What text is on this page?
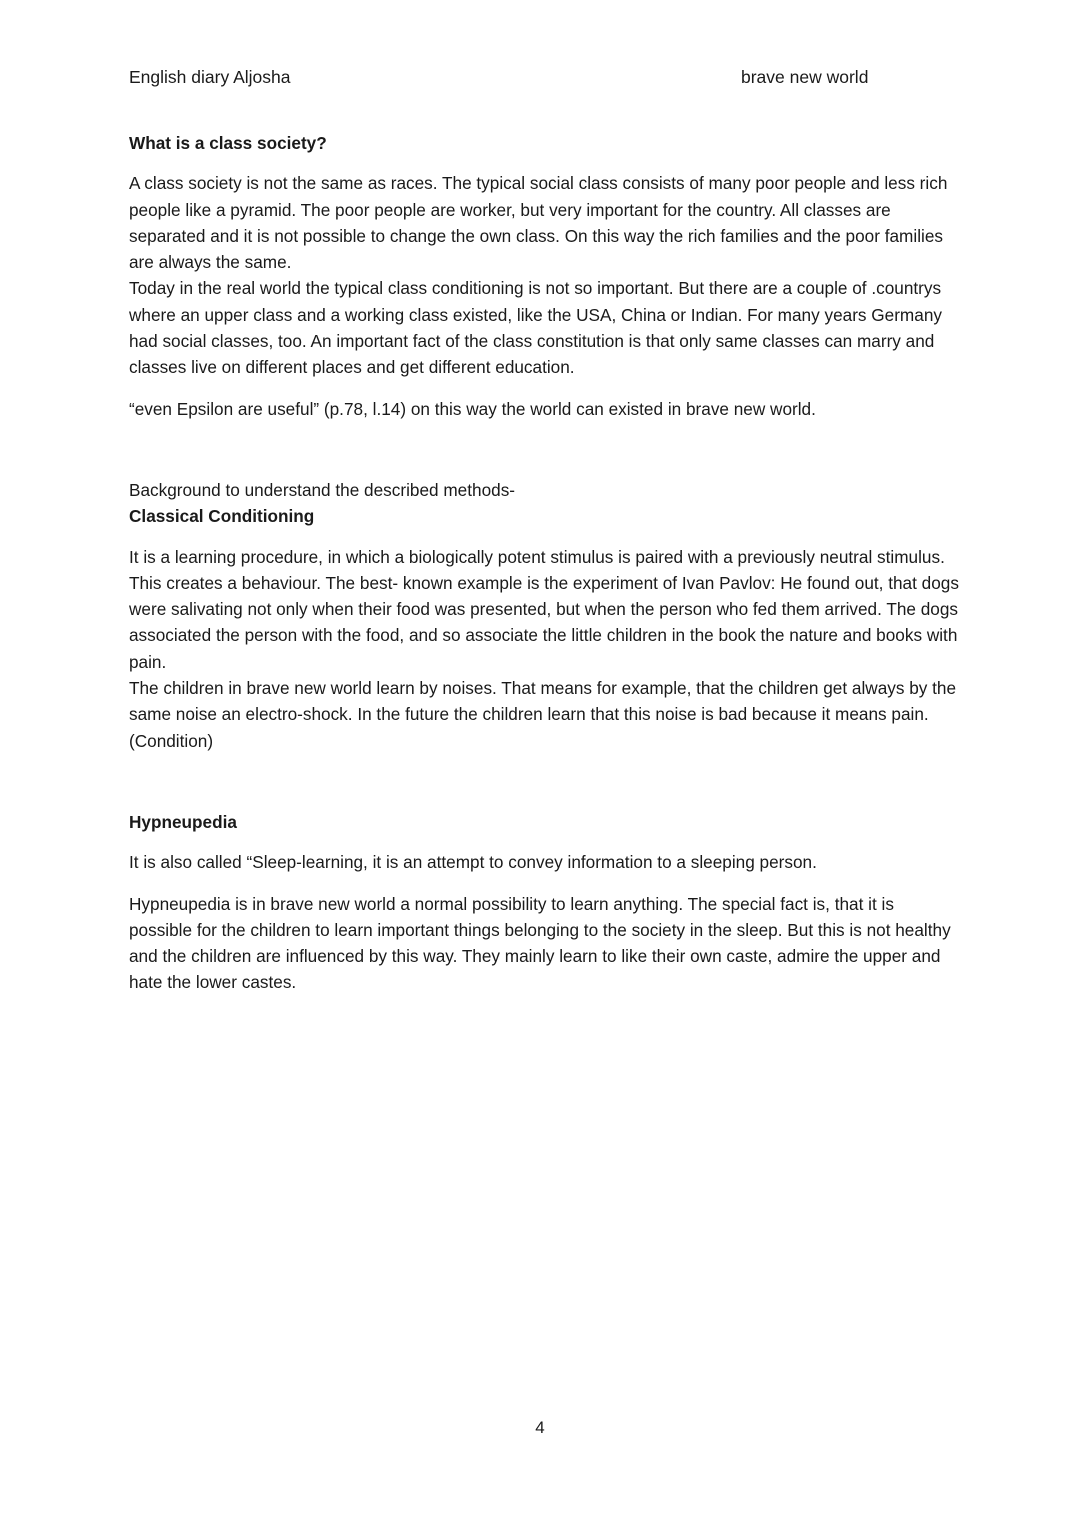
English diary Aljosha	brave new world

What is a class society?

A class society is not the same as races. The typical social class consists of many poor people and less rich people like a pyramid. The poor people are worker, but very important for the country. All classes are separated and it is not possible to change the own class. On this way the rich families and the poor families are always the same.

Today in the real world the typical class conditioning is not so important. But there are a couple of .countrys where an upper class and a working class existed, like the USA, China or Indian. For many years Germany had social classes, too. An important fact of the class constitution is that only same classes can marry and classes live on different places and get different education.

“even Epsilon are useful” (p.78, l.14) on this way the world can existed in brave new world.

Background to understand the described methods-

Classical Conditioning

It is a learning procedure, in which a biologically potent stimulus is paired with a previously neutral stimulus. This creates a behaviour. The best- known example is the experiment of Ivan Pavlov: He found out, that dogs were salivating not only when their food was presented, but when the person who fed them arrived. The dogs associated the person with the food, and so associate the little children in the book the nature and books with pain.

The children in brave new world learn by noises. That means for example, that the children get always by the same noise an electro-shock. In the future the children learn that this noise is bad because it means pain. (Condition)

Hypneupedia

It is also called “Sleep-learning, it is an attempt to convey information to a sleeping person.

Hypneupedia is in brave new world a normal possibility to learn anything. The special fact is, that it is possible for the children to learn important things belonging to the society in the sleep. But this is not healthy and the children are influenced by this way. They mainly learn to like their own caste, admire the upper and hate the lower castes.

4
